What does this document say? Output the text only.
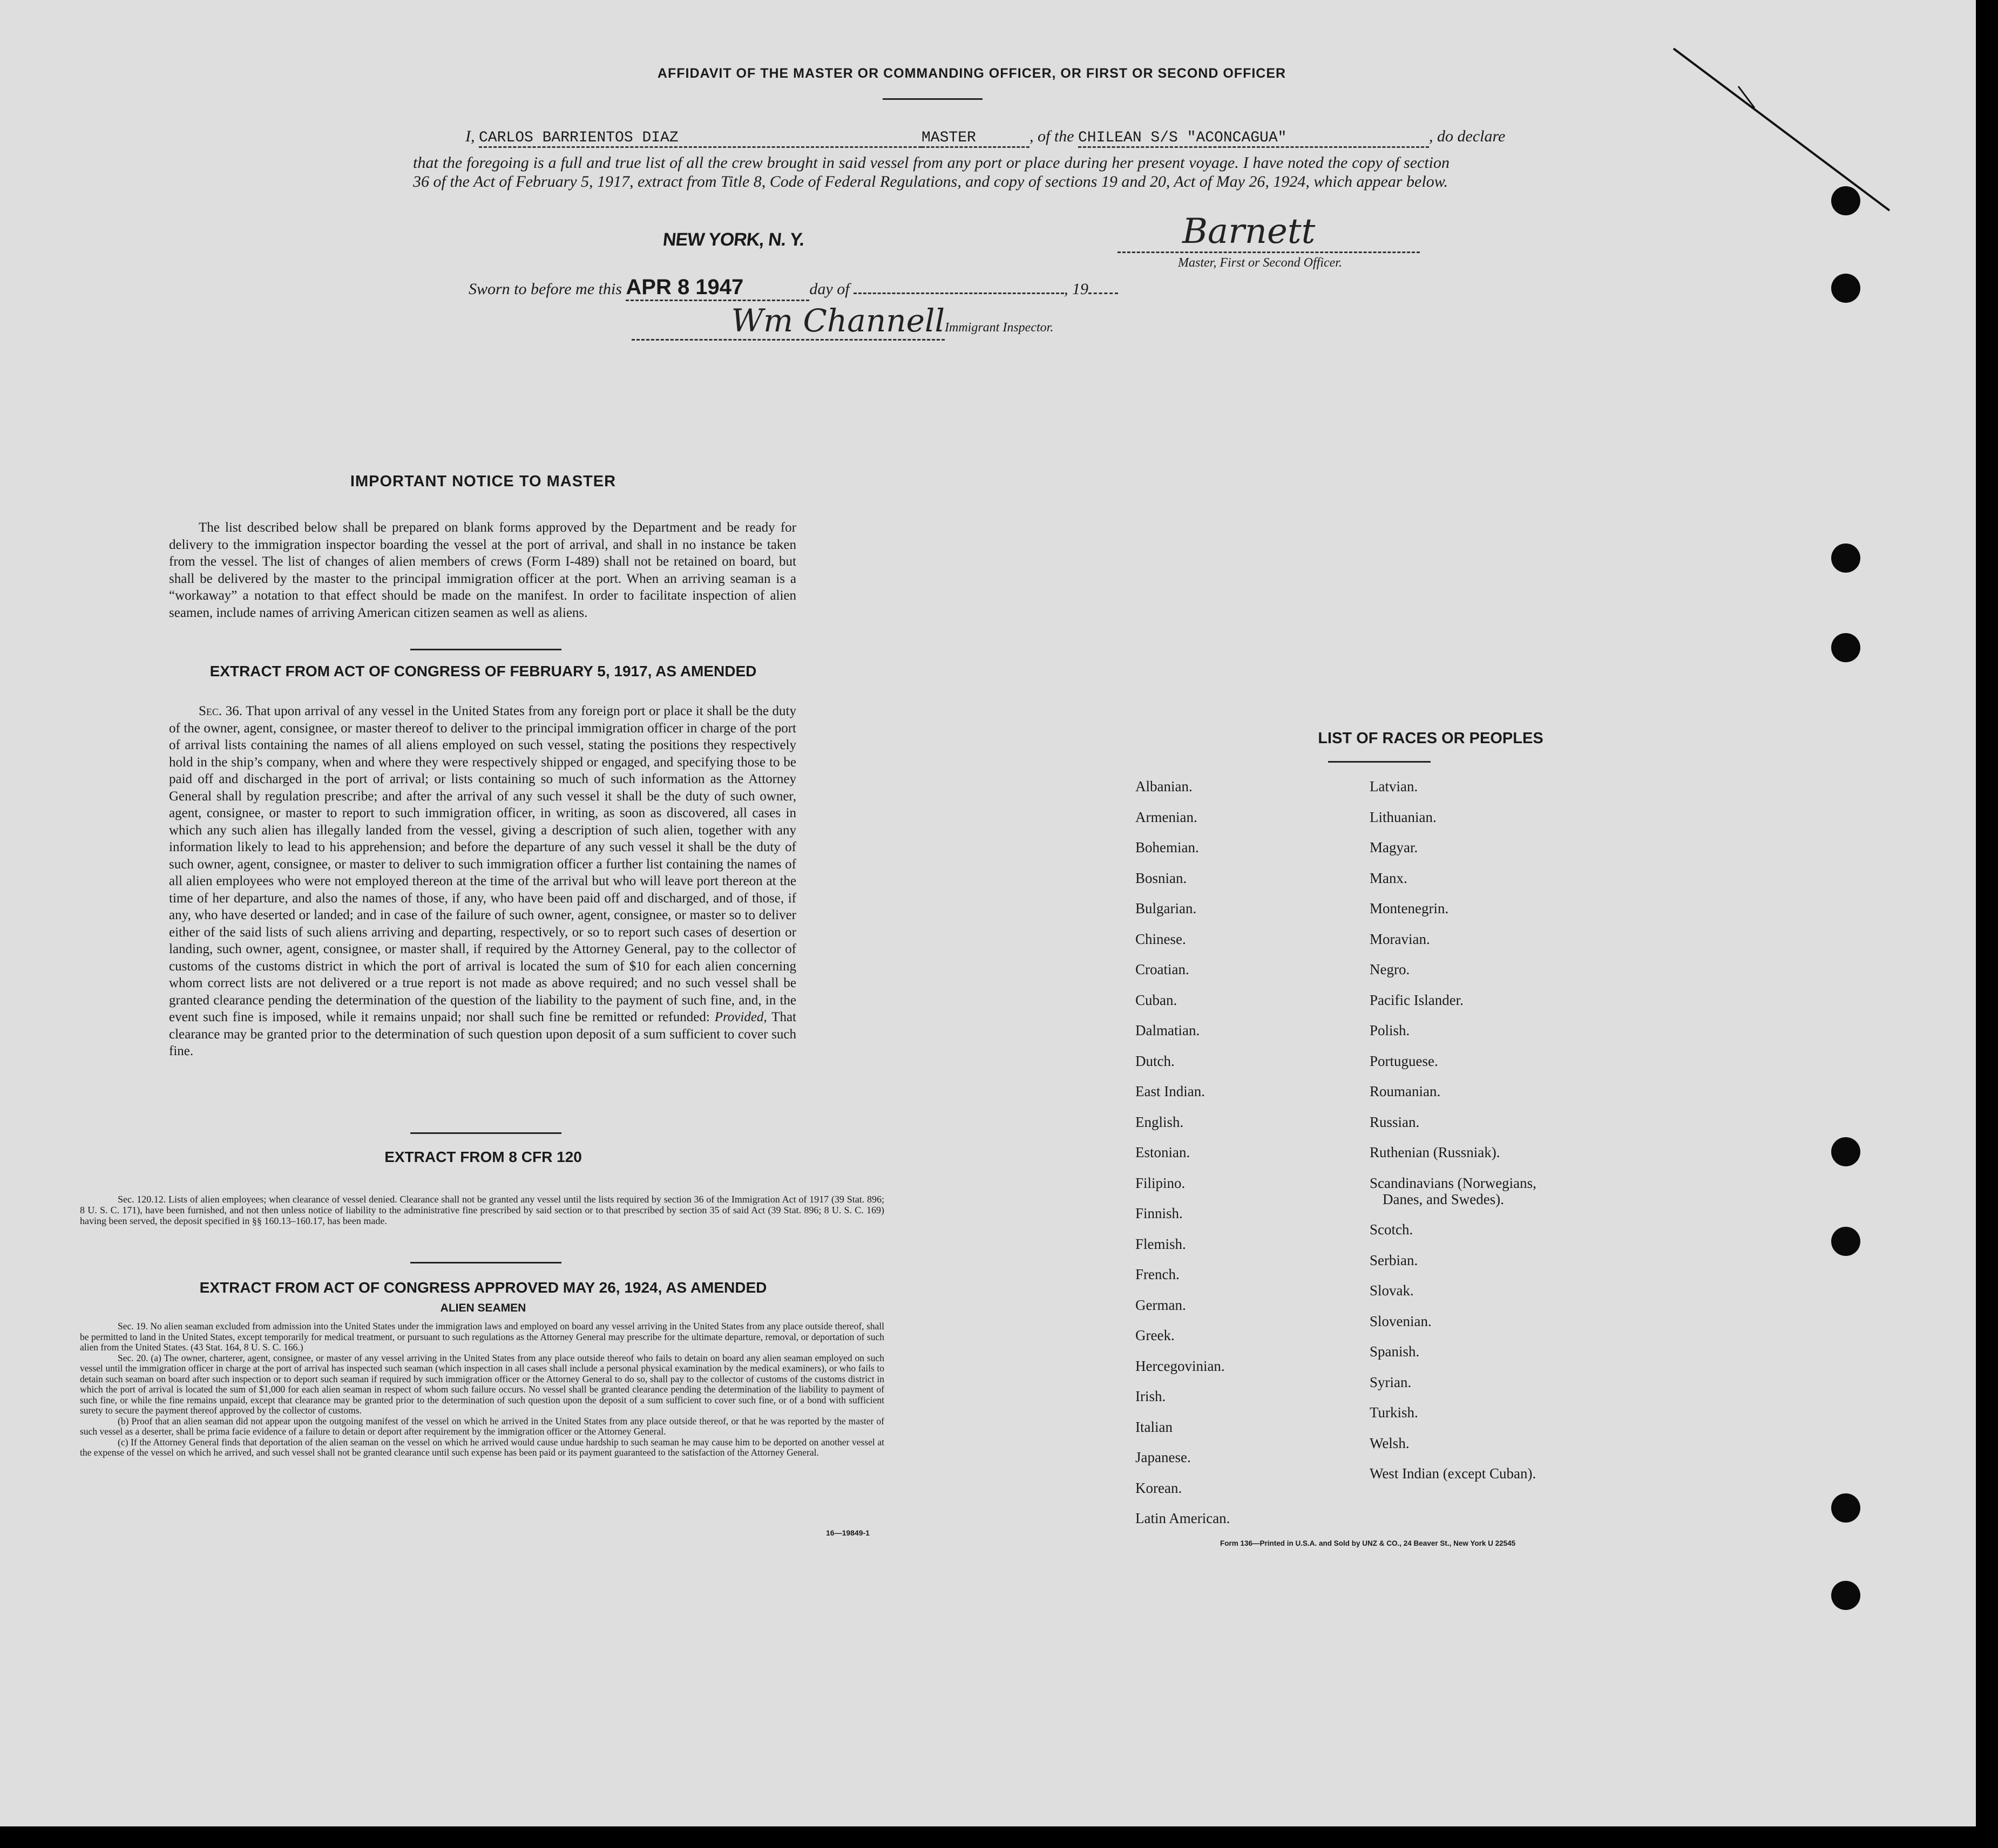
AFFIDAVIT OF THE MASTER OR COMMANDING OFFICER, OR FIRST OR SECOND OFFICER
I, CARLOS BARRIENTOS DIAZ	MASTER	, of the CHILEAN S/S "ACONCAGUA"	, do declare
that the foregoing is a full and true list of all the crew brought in said vessel from any port or place during her present voyage. I have noted the copy of section 36 of the Act of February 5, 1917, extract from Title 8, Code of Federal Regulations, and copy of sections 19 and 20, Act of May 26, 1924, which appear below.
NEW YORK, N. Y.	Barnett
Master, First or Second Officer.
Sworn to before me this APR 8 1947	day of	, 19
Wm ChannellImmigrant Inspector.
IMPORTANT NOTICE TO MASTER

The list described below shall be prepared on blank forms approved by the Department and be ready for delivery to the immigration inspector boarding the vessel at the port of arrival, and shall in no instance be taken from the vessel. The list of changes of alien members of crews (Form I-489) shall not be retained on board, but shall be delivered by the master to the principal immigration officer at the port. When an arriving seaman is a “workaway” a notation to that effect should be made on the manifest. In order to facilitate inspection of alien seamen, include names of arriving American citizen seamen as well as aliens.

EXTRACT FROM ACT OF CONGRESS OF FEBRUARY 5, 1917, AS AMENDED

Sec. 36. That upon arrival of any vessel in the United States from any foreign port or place it shall be the duty of the owner, agent, consignee, or master thereof to deliver to the principal immigration officer in charge of the port of arrival lists containing the names of all aliens employed on such vessel, stating the positions they respectively hold in the ship’s company, when and where they were respectively shipped or engaged, and specifying those to be paid off and discharged in the port of arrival; or lists containing so much of such information as the Attorney General shall by regulation prescribe; and after the arrival of any such vessel it shall be the duty of such owner, agent, consignee, or master to report to such immigration officer, in writing, as soon as discovered, all cases in which any such alien has illegally landed from the vessel, giving a description of such alien, together with any information likely to lead to his apprehension; and before the departure of any such vessel it shall be the duty of such owner, agent, consignee, or master to deliver to such immigration officer a further list containing the names of all alien employees who were not employed thereon at the time of the arrival but who will leave port thereon at the time of her departure, and also the names of those, if any, who have been paid off and discharged, and of those, if any, who have deserted or landed; and in case of the failure of such owner, agent, consignee, or master so to deliver either of the said lists of such aliens arriving and departing, respectively, or so to report such cases of desertion or landing, such owner, agent, consignee, or master shall, if required by the Attorney General, pay to the collector of customs of the customs district in which the port of arrival is located the sum of $10 for each alien concerning whom correct lists are not delivered or a true report is not made as above required; and no such vessel shall be granted clearance pending the determination of the question of the liability to the payment of such fine, and, in the event such fine is imposed, while it remains unpaid; nor shall such fine be remitted or refunded: Provided, That clearance may be granted prior to the determination of such question upon deposit of a sum sufficient to cover such fine.

EXTRACT FROM 8 CFR 120

Sec. 120.12. Lists of alien employees; when clearance of vessel denied. Clearance shall not be granted any vessel until the lists required by section 36 of the Immigration Act of 1917 (39 Stat. 896; 8 U. S. C. 171), have been furnished, and not then unless notice of liability to the administrative fine prescribed by said section or to that prescribed by section 35 of said Act (39 Stat. 896; 8 U. S. C. 169) having been served, the deposit specified in §§ 160.13–160.17, has been made.

EXTRACT FROM ACT OF CONGRESS APPROVED MAY 26, 1924, AS AMENDED
ALIEN SEAMEN

Sec. 19. No alien seaman excluded from admission into the United States under the immigration laws and employed on board any vessel arriving in the United States from any place outside thereof, shall be permitted to land in the United States, except temporarily for medical treatment, or pursuant to such regulations as the Attorney General may prescribe for the ultimate departure, removal, or deportation of such alien from the United States. (43 Stat. 164, 8 U. S. C. 166.)

Sec. 20. (a) The owner, charterer, agent, consignee, or master of any vessel arriving in the United States from any place outside thereof who fails to detain on board any alien seaman employed on such vessel until the immigration officer in charge at the port of arrival has inspected such seaman (which inspection in all cases shall include a personal physical examination by the medical examiners), or who fails to detain such seaman on board after such inspection or to deport such seaman if required by such immigration officer or the Attorney General to do so, shall pay to the collector of customs of the customs district in which the port of arrival is located the sum of $1,000 for each alien seaman in respect of whom such failure occurs. No vessel shall be granted clearance pending the determination of the liability to payment of such fine, or while the fine remains unpaid, except that clearance may be granted prior to the determination of such question upon the deposit of a sum sufficient to cover such fine, or of a bond with sufficient surety to secure the payment thereof approved by the collector of customs.

(b) Proof that an alien seaman did not appear upon the outgoing manifest of the vessel on which he arrived in the United States from any place outside thereof, or that he was reported by the master of such vessel as a deserter, shall be prima facie evidence of a failure to detain or deport after requirement by the immigration officer or the Attorney General.

(c) If the Attorney General finds that deportation of the alien seaman on the vessel on which he arrived would cause undue hardship to such seaman he may cause him to be deported on another vessel at the expense of the vessel on which he arrived, and such vessel shall not be granted clearance until such expense has been paid or its payment guaranteed to the satisfaction of the Attorney General.

16—19849-1
LIST OF RACES OR PEOPLES
Albanian.
Armenian.
Bohemian.
Bosnian.
Bulgarian.
Chinese.
Croatian.
Cuban.
Dalmatian.
Dutch.
East Indian.
English.
Estonian.
Filipino.
Finnish.
Flemish.
French.
German.
Greek.
Hercegovinian.
Irish.
Italian
Japanese.
Korean.
Latin American.
Latvian.
Lithuanian.
Magyar.
Manx.
Montenegrin.
Moravian.
Negro.
Pacific Islander.
Polish.
Portuguese.
Roumanian.
Russian.
Ruthenian (Russniak).
Scandinavians (Norwegians,
Danes, and Swedes).
Scotch.
Serbian.
Slovak.
Slovenian.
Spanish.
Syrian.
Turkish.
Welsh.
West Indian (except Cuban).
Form 136—Printed in U.S.A. and Sold by UNZ & CO., 24 Beaver St., New York U 22545
